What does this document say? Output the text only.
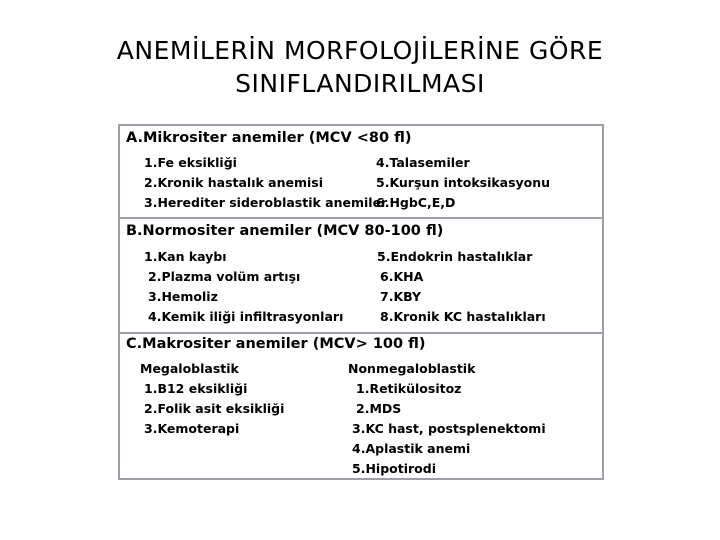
ANEMİLERİN MORFOLOJİLERİNE GÖRE
SINIFLANDIRILMASI
A.Mikrositer anemiler (MCV <80 fl)
1.Fe eksikliği
2.Kronik hastalık anemisi
3.Herediter sideroblastik anemiler
4.Talasemiler
5.Kurşun intoksikasyonu
6.HgbC,E,D
B.Normositer anemiler (MCV 80-100 fl)
1.Kan kaybı
2.Plazma volüm artışı
3.Hemoliz
4.Kemik iliği infiltrasyonları
5.Endokrin hastalıklar
6.KHA
7.KBY
8.Kronik KC hastalıkları
C.Makrositer anemiler (MCV> 100 fl)
Megaloblastik	Nonmegaloblastik
1.B12 eksikliği
2.Folik asit eksikliği
3.Kemoterapi
1.Retikülositoz
2.MDS
3.KC hast, postsplenektomi
4.Aplastik anemi
5.Hipotirodi
